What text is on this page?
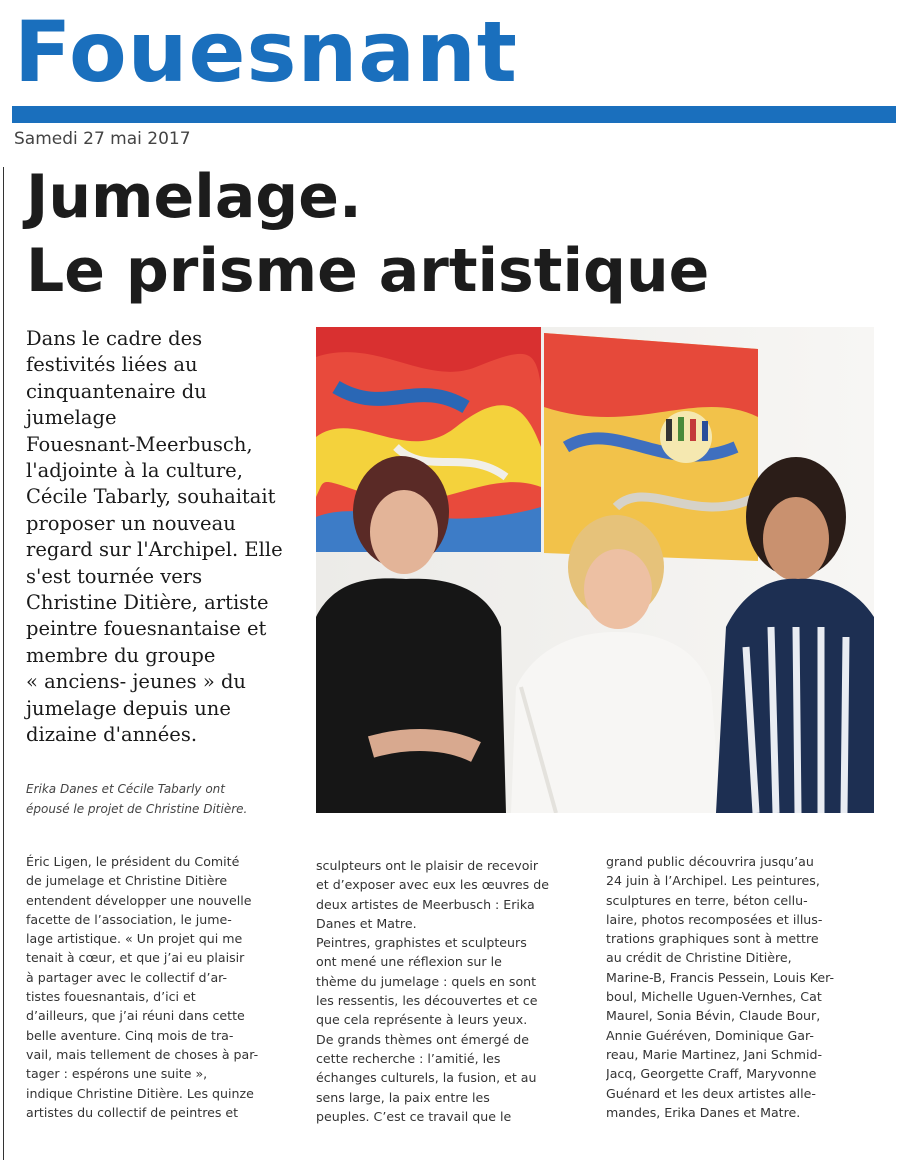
Fouesnant
Samedi 27 mai 2017
Jumelage.
Le prisme artistique
Dans le cadre des
festivités liées au
cinquantenaire du
jumelage
Fouesnant-Meerbusch,
l'adjointe à la culture,
Cécile Tabarly, souhaitait
proposer un nouveau
regard sur l'Archipel. Elle
s'est tournée vers
Christine Ditière, artiste
peintre fouesnantaise et
membre du groupe
« anciens- jeunes » du
jumelage depuis une
dizaine d'années.
Erika Danes et Cécile Tabarly ont
épousé le projet de Christine Ditière.
Éric Ligen, le président du Comité
de jumelage et Christine Ditière
entendent développer une nouvelle
facette de l’association, le jume-
lage artistique. « Un projet qui me
tenait à cœur, et que j’ai eu plaisir
à partager avec le collectif d’ar-
tistes fouesnantais, d’ici et
d’ailleurs, que j’ai réuni dans cette
belle aventure. Cinq mois de tra-
vail, mais tellement de choses à par-
tager : espérons une suite »,
indique Christine Ditière. Les quinze
artistes du collectif de peintres et
sculpteurs ont le plaisir de recevoir
et d’exposer avec eux les œuvres de
deux artistes de Meerbusch : Erika
Danes et Matre.
Peintres, graphistes et sculpteurs
ont mené une réflexion sur le
thème du jumelage : quels en sont
les ressentis, les découvertes et ce
que cela représente à leurs yeux.
De grands thèmes ont émergé de
cette recherche : l’amitié, les
échanges culturels, la fusion, et au
sens large, la paix entre les
peuples. C’est ce travail que le
grand public découvrira jusqu’au
24 juin à l’Archipel. Les peintures,
sculptures en terre, béton cellu-
laire, photos recomposées et illus-
trations graphiques sont à mettre
au crédit de Christine Ditière,
Marine-B, Francis Pessein, Louis Ker-
boul, Michelle Uguen-Vernhes, Cat
Maurel, Sonia Bévin, Claude Bour,
Annie Guéréven, Dominique Gar-
reau, Marie Martinez, Jani Schmid-
Jacq, Georgette Craff, Maryvonne
Guénard et les deux artistes alle-
mandes, Erika Danes et Matre.
